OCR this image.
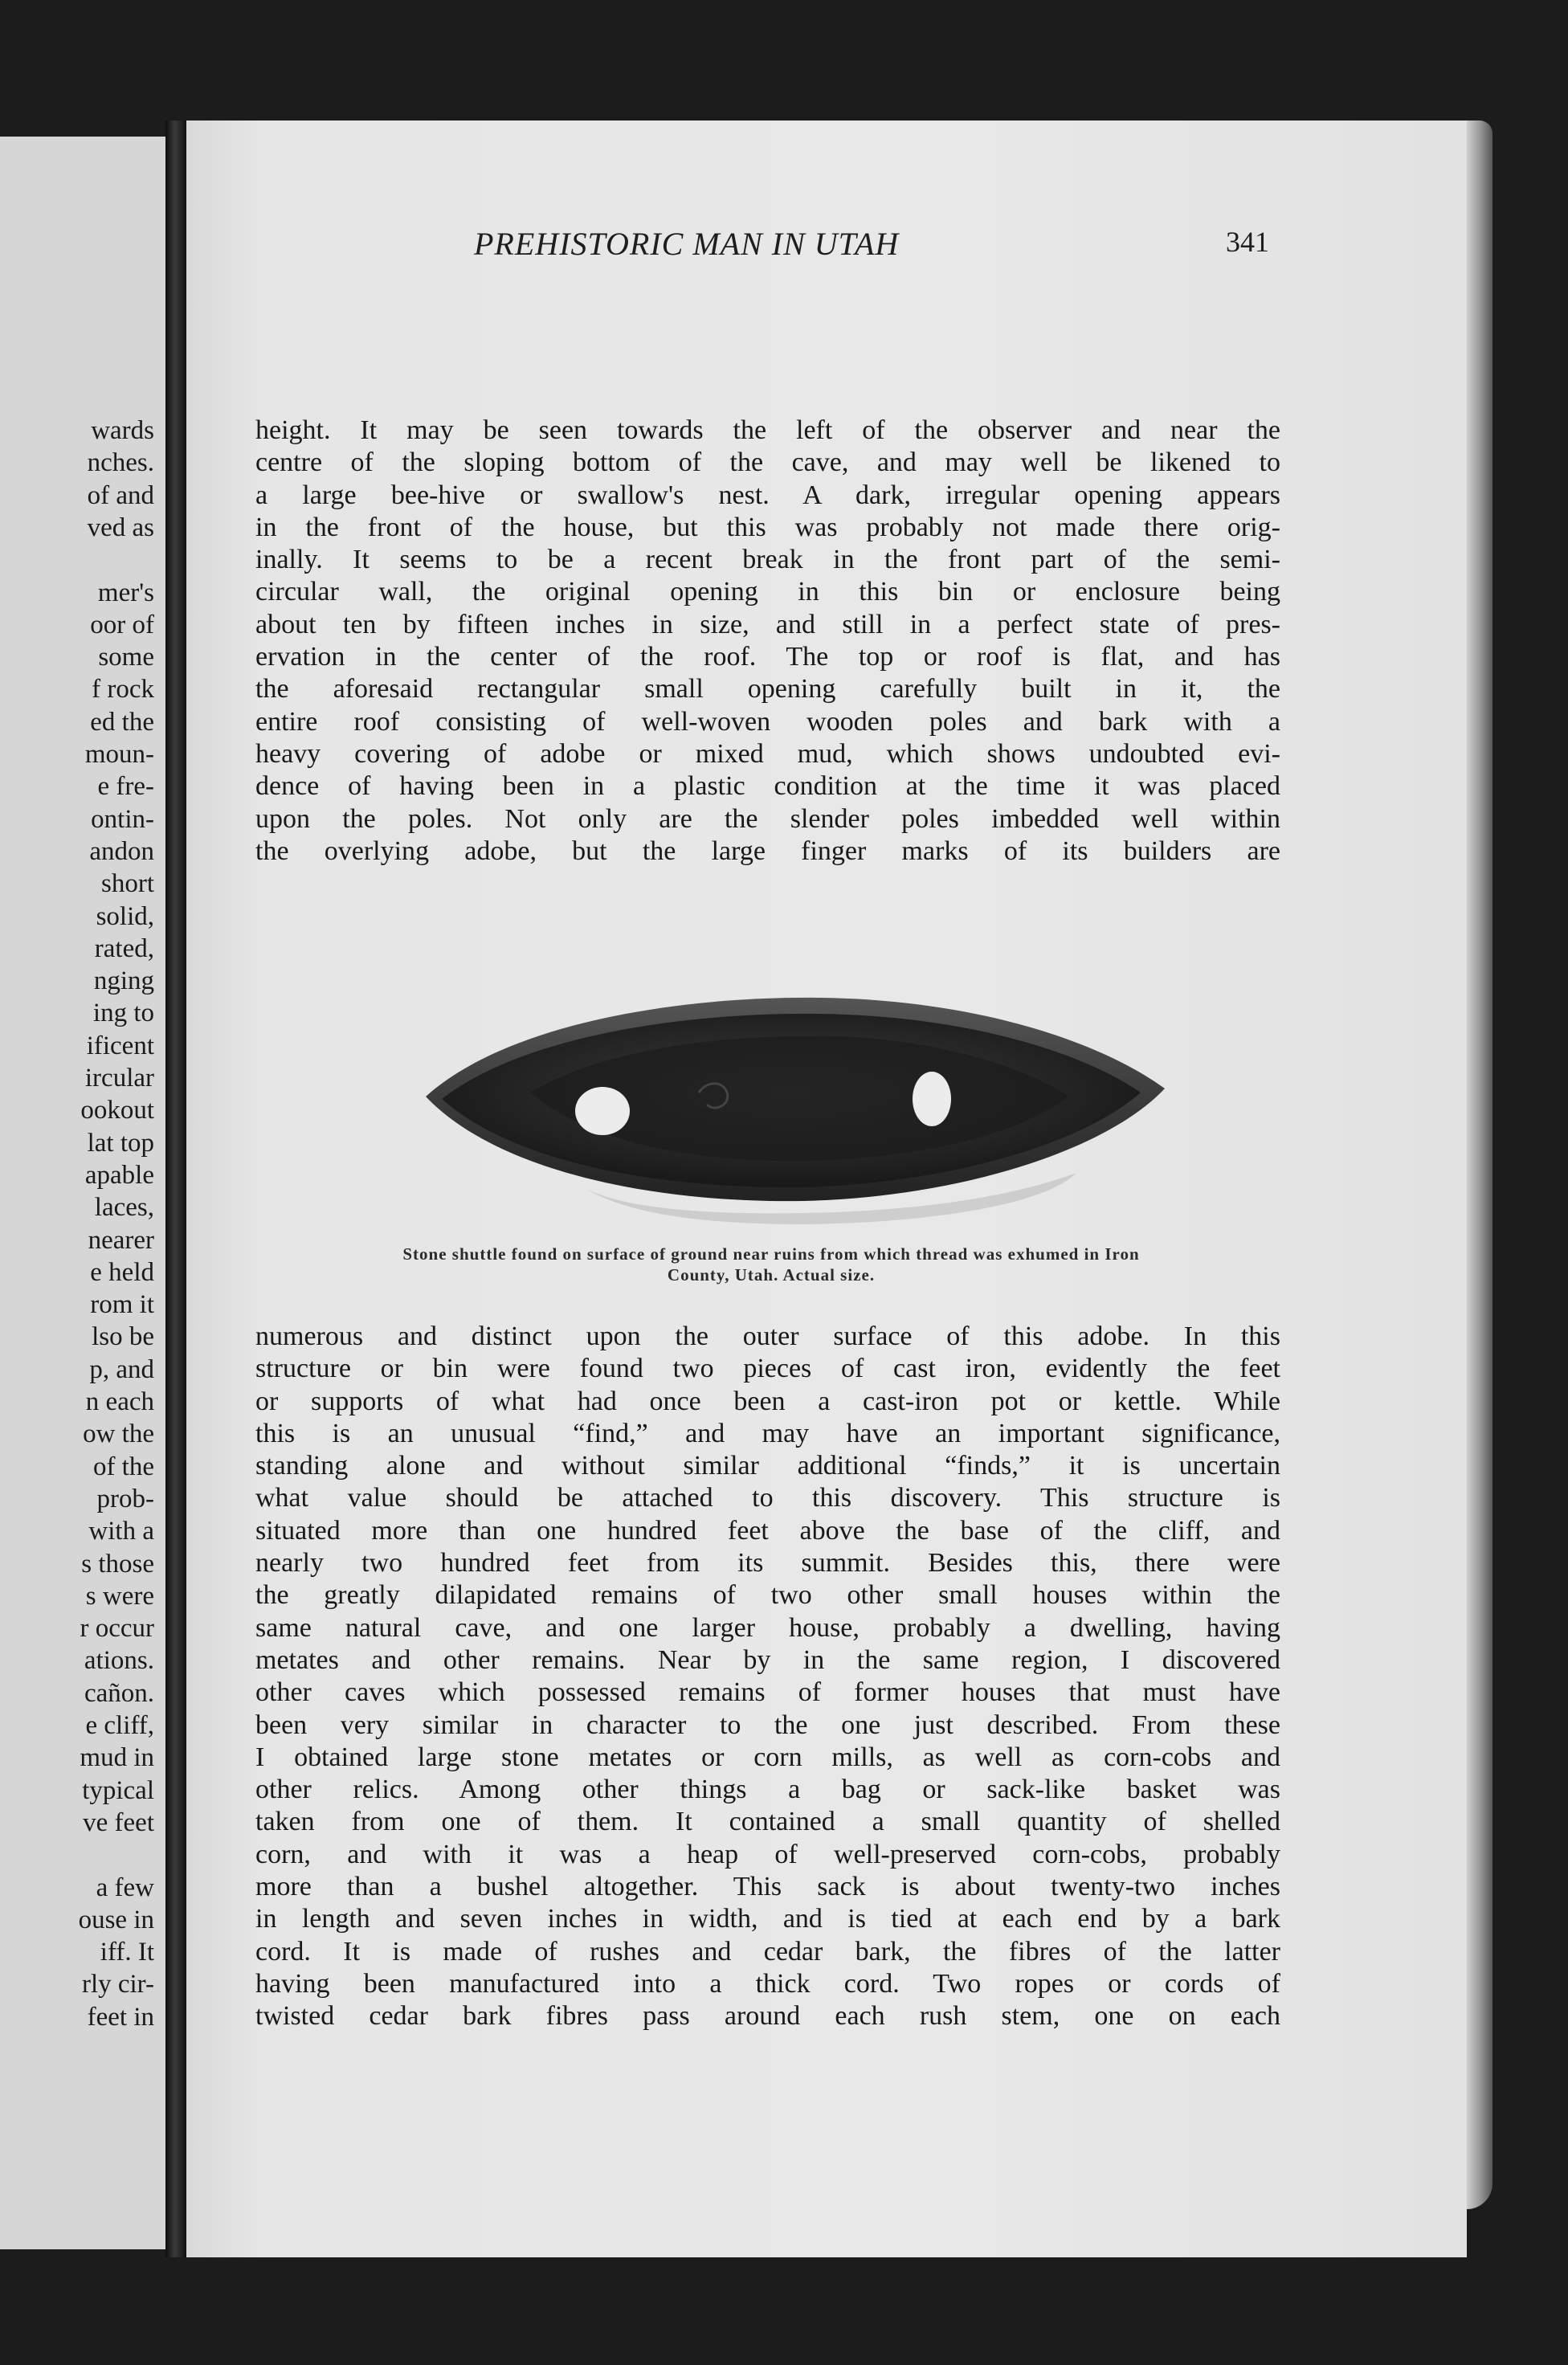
wards
nches.
of and
ved as
mer's
oor of
some
f rock
ed the
moun-
e fre-
ontin-
andon
short
solid,
rated,
nging
ing to
ificent
ircular
ookout
lat top
apable
laces,
nearer
e held
rom it
lso be
p, and
n each
ow the
of the
prob-
with a
s those
s were
r occur
ations.
cañon.
e cliff,
mud in
typical
ve feet
a few
ouse in
iff. It
rly cir-
feet in
PREHISTORIC MAN IN UTAH	341
height. It may be seen towards the left of the observer and near the
centre of the sloping bottom of the cave, and may well be likened to
a large bee-hive or swallow's nest. A dark, irregular opening appears
in the front of the house, but this was probably not made there orig-
inally. It seems to be a recent break in the front part of the semi-
circular wall, the original opening in this bin or enclosure being
about ten by fifteen inches in size, and still in a perfect state of pres-
ervation in the center of the roof. The top or roof is flat, and has
the aforesaid rectangular small opening carefully built in it, the
entire roof consisting of well-woven wooden poles and bark with a
heavy covering of adobe or mixed mud, which shows undoubted evi-
dence of having been in a plastic condition at the time it was placed
upon the poles. Not only are the slender poles imbedded well within
the overlying adobe, but the large finger marks of its builders are
Stone shuttle found on surface of ground near ruins from which thread was exhumed in Iron
County, Utah. Actual size.
numerous and distinct upon the outer surface of this adobe. In this
structure or bin were found two pieces of cast iron, evidently the feet
or supports of what had once been a cast-iron pot or kettle. While
this is an unusual “find,” and may have an important significance,
standing alone and without similar additional “finds,” it is uncertain
what value should be attached to this discovery. This structure is
situated more than one hundred feet above the base of the cliff, and
nearly two hundred feet from its summit. Besides this, there were
the greatly dilapidated remains of two other small houses within the
same natural cave, and one larger house, probably a dwelling, having
metates and other remains. Near by in the same region, I discovered
other caves which possessed remains of former houses that must have
been very similar in character to the one just described. From these
I obtained large stone metates or corn mills, as well as corn-cobs and
other relics. Among other things a bag or sack-like basket was
taken from one of them. It contained a small quantity of shelled
corn, and with it was a heap of well-preserved corn-cobs, probably
more than a bushel altogether. This sack is about twenty-two inches
in length and seven inches in width, and is tied at each end by a bark
cord. It is made of rushes and cedar bark, the fibres of the latter
having been manufactured into a thick cord. Two ropes or cords of
twisted cedar bark fibres pass around each rush stem, one on each
